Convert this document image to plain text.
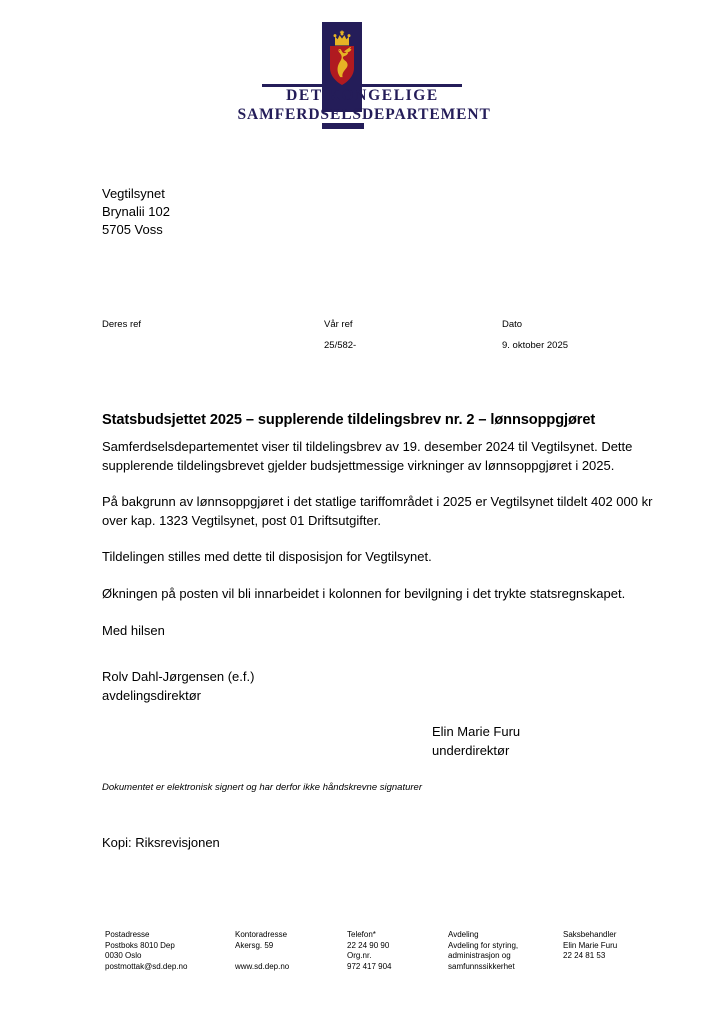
DET KONGELIGE
SAMFERDSELSDEPARTEMENT
Vegtilsynet
Brynalii 102
5705 Voss
Deres ref	Vår ref
25/582-
Dato
9. oktober 2025
Statsbudsjettet 2025 – supplerende tildelingsbrev nr. 2 – lønnsoppgjøret

Samferdselsdepartementet viser til tildelingsbrev av 19. desember 2024 til Vegtilsynet. Dette supplerende tildelingsbrevet gjelder budsjettmessige virkninger av lønnsoppgjøret i 2025.

På bakgrunn av lønnsoppgjøret i det statlige tariffområdet i 2025 er Vegtilsynet tildelt 402 000 kr over kap. 1323 Vegtilsynet, post 01 Driftsutgifter.

Tildelingen stilles med dette til disposisjon for Vegtilsynet.

Økningen på posten vil bli innarbeidet i kolonnen for bevilgning i det trykte statsregnskapet.

Med hilsen

Rolv Dahl-Jørgensen (e.f.)
avdelingsdirektør
Elin Marie Furu
underdirektør
Dokumentet er elektronisk signert og har derfor ikke håndskrevne signaturer
Kopi: Riksrevisjonen
Postadresse
Postboks 8010 Dep
0030 Oslo
postmottak@sd.dep.no
Kontoradresse
Akersg. 59
www.sd.dep.no
Telefon*
22 24 90 90
Org.nr.
972 417 904
Avdeling
Avdeling for styring,
administrasjon og
samfunnssikkerhet
Saksbehandler
Elin Marie Furu
22 24 81 53
